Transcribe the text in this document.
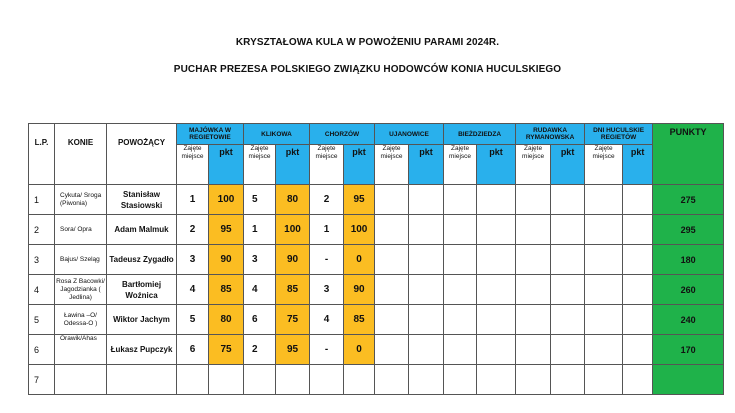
KRYSZTAŁOWA KULA W POWOŻENIU PARAMI 2024R.
PUCHAR PREZESA POLSKIEGO ZWIĄZKU HODOWCÓW KONIA HUCULSKIEGO
L.P.	KONIE	POWOŻĄCY	MAJÓWKA W REGIETOWIE		KLIKOWA		CHORZÓW		UJANOWICE		BIEŻDZIEDZA		RUDAWKA RYMANOWSKA		DNI HUCULSKIE REGIETÓW		PUNKTY
			Zajęte miejsce	pkt	Zajęte miejsce	pkt	Zajęte miejsce	pkt	Zajęte miejsce	pkt	Zajęte miejsce	pkt	Zajęte miejsce	pkt	Zajęte miejsce	pkt	
1	Cykuta/ Sroga (Piwonia)	Stanisław Stasiowski	1	100	5	80	2	95									275
2	Sora/ Opra	Adam Malmuk	2	95	1	100	1	100									295
3	Bajus/ Szeląg	Tadeusz Zygadło	3	90	3	90	-	0									180
4	Rosa Z Bacowki/ Jagodzianka ( Jedlina)	Bartłomiej Woźnica	4	85	4	85	3	90									260
5	Ławina –O/ Odessa-O )	Wiktor Jachym	5	80	6	75	4	85									240
6	Orawik/Ahas	Łukasz Pupczyk	6	75	2	95	-	0									170
7																	
